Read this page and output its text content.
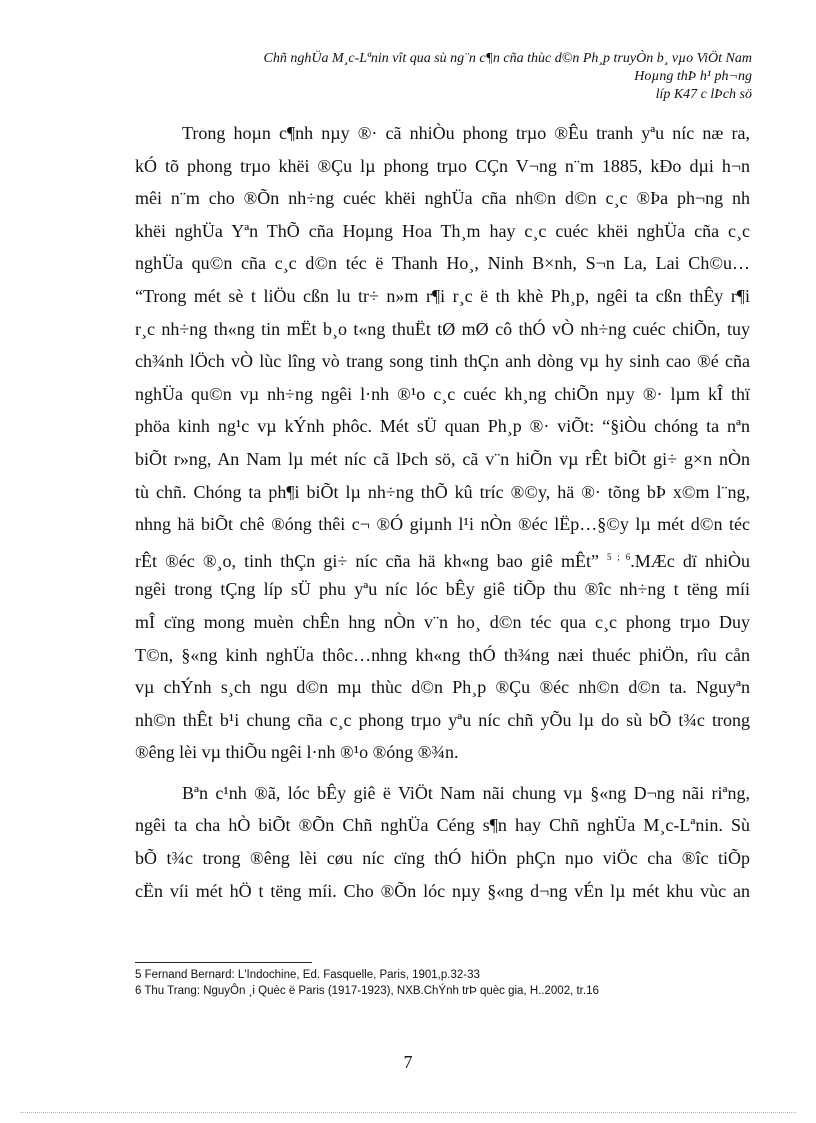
Chñ nghÜa M¸c-Lªnin vît qua sù ng¨n c¶n cña thùc d©n Ph¸p truyÒn b¸ vµo ViÖt Nam
Hoµng thÞ h¹ ph¬ng
líp K47 c lÞch sö
Trong hoµn c¶nh nµy ®· cã nhiÒu phong trµo ®Êu tranh yªu níc næ ra,
kÓ tõ phong trµo khëi ®Çu lµ phong trµo CÇn V¬ng n¨m 1885, kÐo dµi h¬n
mêi n¨m cho ®Õn nh÷ng cuéc khëi nghÜa cña nh©n d©n c¸c ®Þa ph¬ng nh
khëi nghÜa Yªn ThÕ cña Hoµng Hoa Th¸m hay c¸c cuéc khëi nghÜa cña c¸c
nghÜa qu©n cña c¸c d©n téc ë Thanh Ho¸, Ninh B×nh, S¬n La, Lai Ch©u…
“Trong mét sè t liÖu cßn lu tr÷ n»m r¶i r¸c ë th khè Ph¸p, ngêi ta cßn thÊy r¶i
r¸c nh÷ng th«ng tin mËt b¸o t«ng thuËt tØ mØ cô thÓ vÒ nh÷ng cuéc chiÕn, tuy
ch¾nh lÖch vÒ lùc lîng vò trang song tinh thÇn anh dòng vµ hy sinh cao ®é cña
nghÜa qu©n vµ nh÷ng ngêi l·nh ®¹o c¸c cuéc kh¸ng chiÕn nµy ®· lµm kÎ thï
phöa kinh ng¹c vµ kÝnh phôc. Mét sÜ quan Ph¸p ®· viÕt: “§iÒu chóng ta nªn
biÕt r»ng, An Nam lµ mét níc cã lÞch sö, cã v¨n hiÕn vµ rÊt biÕt gi÷ g×n nÒn
tù chñ. Chóng ta ph¶i biÕt lµ nh÷ng thÕ kû tríc ®©y, hä ®· tõng bÞ x©m l¨ng,
nhng hä biÕt chê ®óng thêi c¬ ®Ó giµnh l¹i nÒn ®éc lËp…§©y lµ mét d©n téc
rÊt ®éc ®¸o, tinh thÇn gi÷ níc cña hä kh«ng bao giê mÊt” $^{5 ; 6}$.MÆc dï nhiÒu
ngêi trong tÇng líp sÜ phu yªu níc lóc bÊy giê tiÕp thu ®îc nh÷ng t tëng míi
mÎ cïng mong muèn chÊn hng nÒn v¨n ho¸ d©n téc qua c¸c phong trµo Duy
T©n, §«ng kinh nghÜa thôc…nhng kh«ng thÓ th¾ng næi thuéc phiÖn, rîu cån
vµ chÝnh s¸ch ngu d©n mµ thùc d©n Ph¸p ®Çu ®éc nh©n d©n ta. Nguyªn
nh©n thÊt b¹i chung cña c¸c phong trµo yªu níc chñ yÕu lµ do sù bÕ t¾c trong
®êng lèi vµ thiÕu ngêi l·nh ®¹o ®óng ®¾n.
Bªn c¹nh ®ã, lóc bÊy giê ë ViÖt Nam nãi chung vµ §«ng D¬ng nãi riªng,
ngêi ta cha hÒ biÕt ®Õn Chñ nghÜa Céng s¶n hay Chñ nghÜa M¸c-Lªnin. Sù
bÕ t¾c trong ®êng lèi cøu níc cïng thÓ hiÖn phÇn nµo viÖc cha ®îc tiÕp
cËn víi mét hÖ t tëng míi. Cho ®Õn lóc nµy §«ng d¬ng vÉn lµ mét khu vùc an
5 Fernand Bernard: L'Indochine, Ed. Fasquelle, Paris, 1901,p.32-33
6 Thu Trang: NguyÔn ¸i Quèc ë Paris (1917-1923), NXB.ChÝnh trÞ quèc gia, H..2002, tr.16
7
